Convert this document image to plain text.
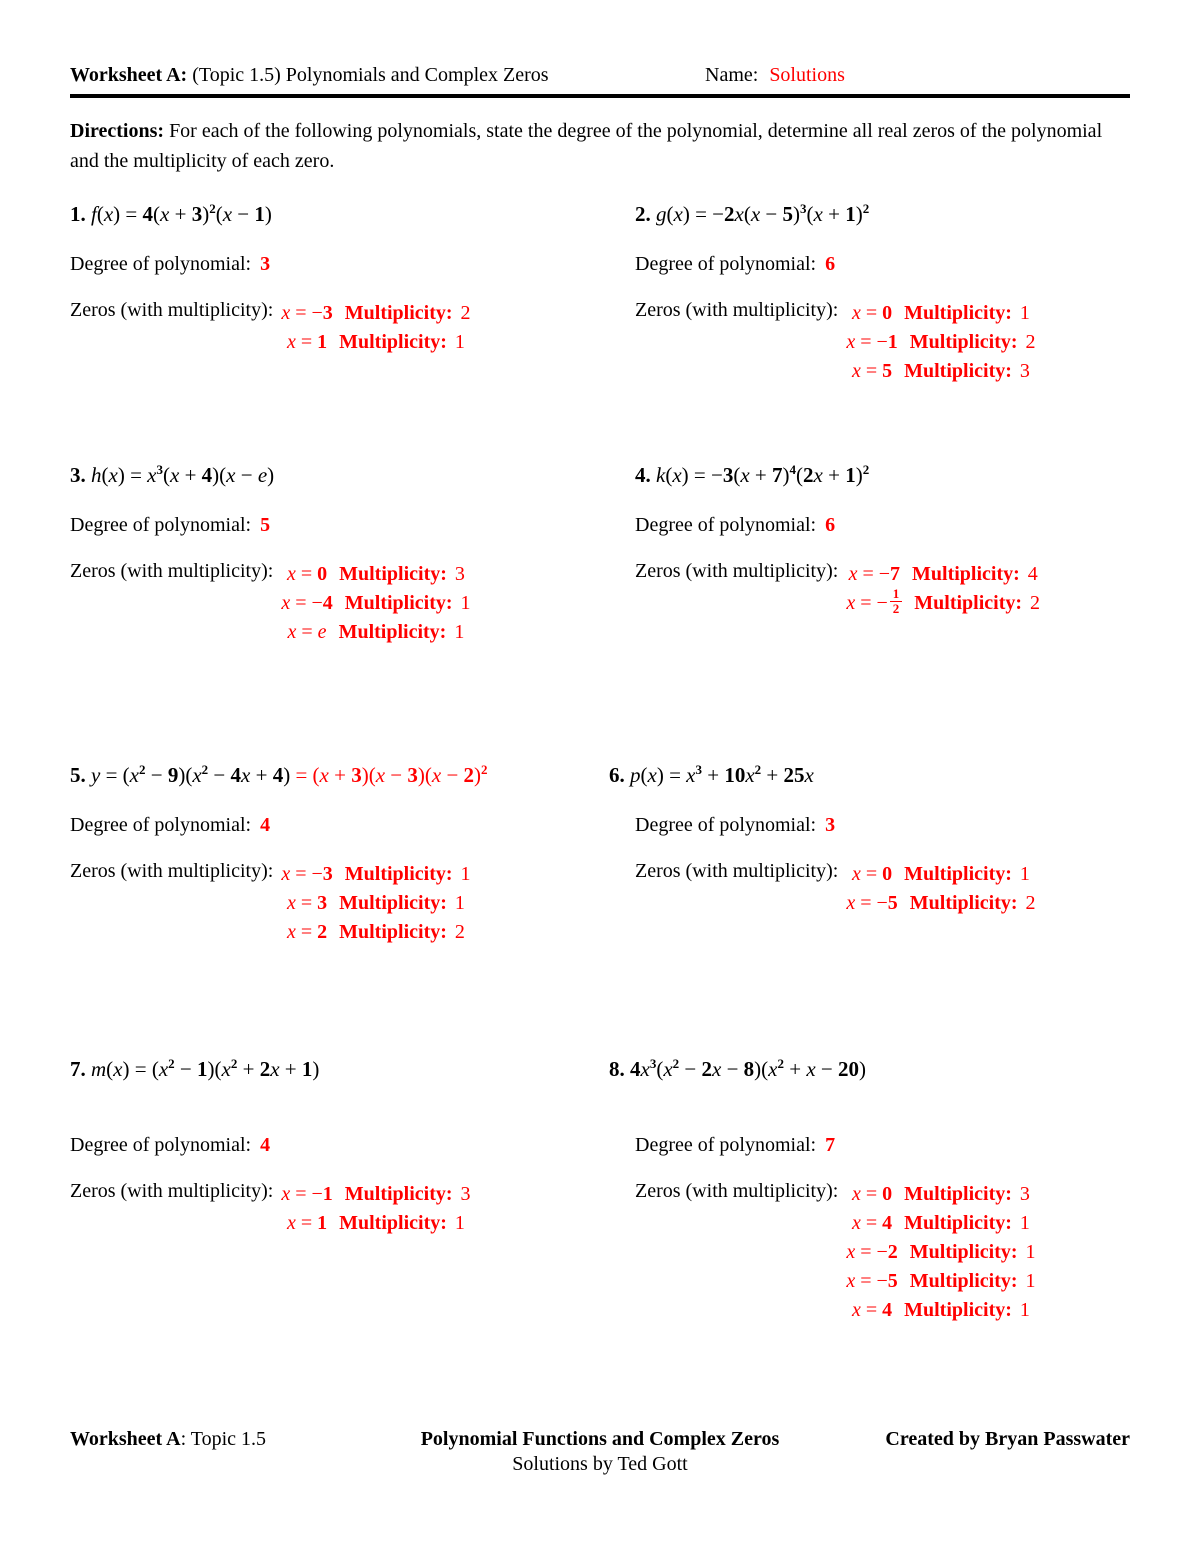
Worksheet A: (Topic 1.5) Polynomials and Complex Zeros	Name: Solutions
Directions: For each of the following polynomials, state the degree of the polynomial, determine all real zeros of the polynomial and the multiplicity of each zero.
1. $f(x) = 4(x + 3)^2(x - 1)$
Degree of polynomial: 3
Zeros (with multiplicity): x = −3 Multiplicity: 2
x = 1 Multiplicity: 1
2. $g(x) = -2x(x - 5)^3(x + 1)^2$
Degree of polynomial: 6
Zeros (with multiplicity): x = 0 Multiplicity: 1
x = −1 Multiplicity: 2
x = 5 Multiplicity: 3
3. $h(x) = x^3(x + 4)(x - e)$
Degree of polynomial: 5
Zeros (with multiplicity): x = 0 Multiplicity: 3
x = −4 Multiplicity: 1
x = e Multiplicity: 1
4. $k(x) = -3(x + 7)^4(2x + 1)^2$
Degree of polynomial: 6
Zeros (with multiplicity): x = −7 Multiplicity: 4
x = − $\frac{1}{2}$ Multiplicity: 2
5. $y = (x^2 - 9)(x^2 - 4x + 4) = (x + 3)(x - 3)(x - 2)^2$
Degree of polynomial: 4
Zeros (with multiplicity): x = −3 Multiplicity: 1
x = 3 Multiplicity: 1
x = 2 Multiplicity: 2
6. $p(x) = x^3 + 10x^2 + 25x$
Degree of polynomial: 3
Zeros (with multiplicity): x = 0 Multiplicity: 1
x = −5 Multiplicity: 2
7. $m(x) = (x^2 - 1)(x^2 + 2x + 1)$
Degree of polynomial: 4
Zeros (with multiplicity): x = −1 Multiplicity: 3
x = 1 Multiplicity: 1
8. $4x^3(x^2 - 2x - 8)(x^2 + x - 20)$
Degree of polynomial: 7
Zeros (with multiplicity): x = 0 Multiplicity: 3
x = 4 Multiplicity: 1
x = −2 Multiplicity: 1
x = −5 Multiplicity: 1
x = 4 Multiplicity: 1
Worksheet A: Topic 1.5	Polynomial Functions and Complex Zeros
Solutions by Ted Gott
Created by Bryan Passwater
